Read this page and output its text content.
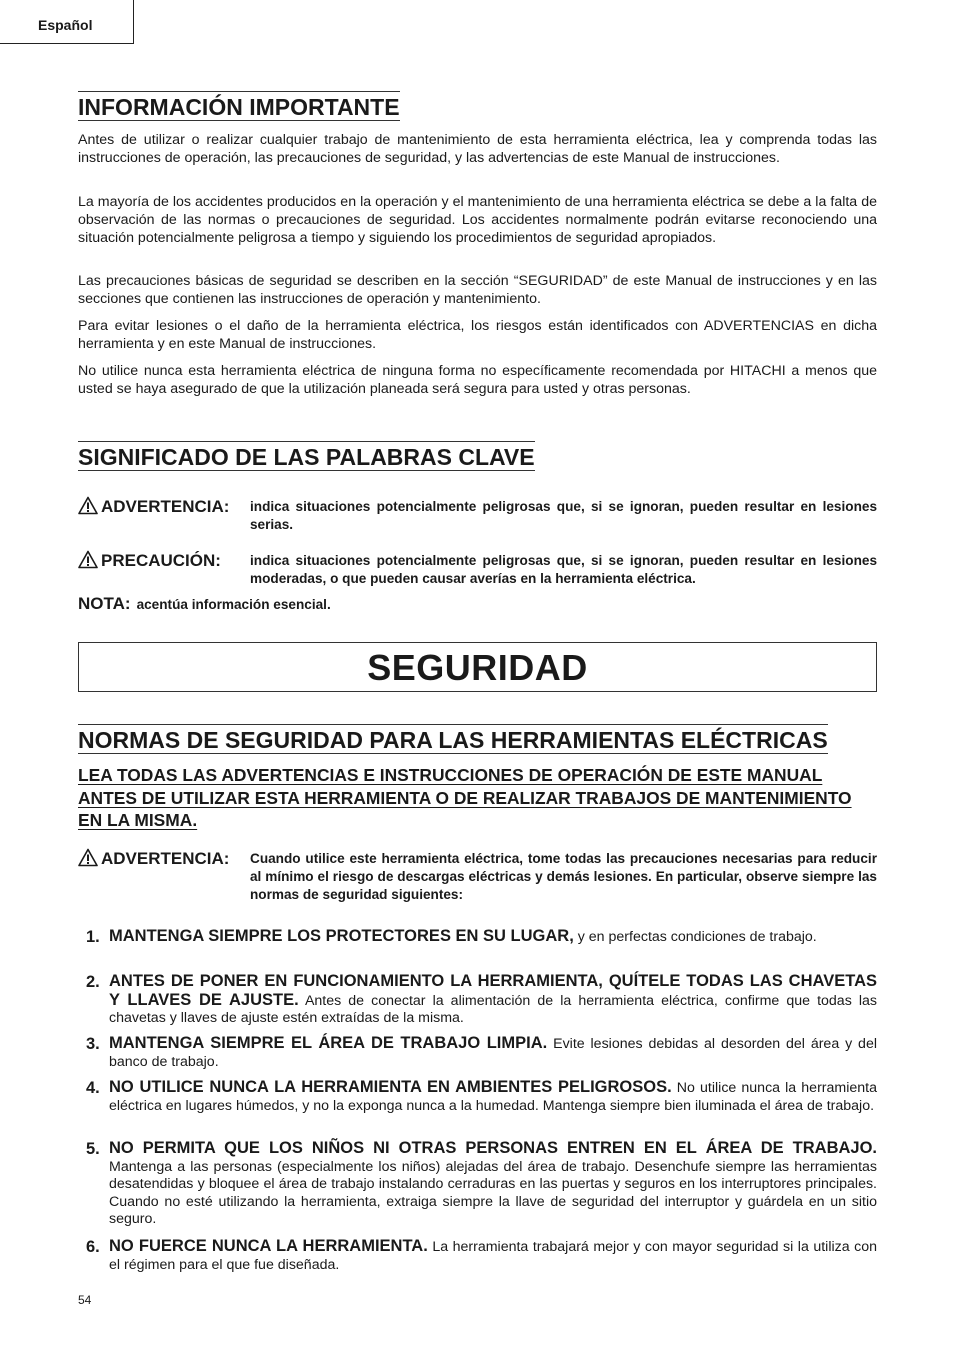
Español
INFORMACIÓN IMPORTANTE
Antes de utilizar o realizar cualquier trabajo de mantenimiento de esta herramienta eléctrica, lea y comprenda todas las instrucciones de operación, las precauciones de seguridad, y las advertencias de este Manual de instrucciones.
La mayoría de los accidentes producidos en la operación y el mantenimiento de una herramienta eléctrica se debe a la falta de observación de las normas o precauciones de seguridad. Los accidentes normalmente podrán evitarse reconociendo una situación potencialmente peligrosa a tiempo y siguiendo los procedimientos de seguridad apropiados.
Las precauciones básicas de seguridad se describen en la sección “SEGURIDAD” de este Manual de instrucciones y en las secciones que contienen las instrucciones de operación y mantenimiento.
Para evitar lesiones o el daño de la herramienta eléctrica, los riesgos están identificados con ADVERTENCIAS en dicha herramienta y en este Manual de instrucciones.
No utilice nunca esta herramienta eléctrica de ninguna forma no específicamente recomendada por HITACHI a menos que usted se haya asegurado de que la utilización planeada será segura para usted y otras personas.
SIGNIFICADO DE LAS PALABRAS CLAVE
ADVERTENCIA: indica situaciones potencialmente peligrosas que, si se ignoran, pueden resultar en lesiones serias.
PRECAUCIÓN: indica situaciones potencialmente peligrosas que, si se ignoran, pueden resultar en lesiones moderadas, o que pueden causar averías en la herramienta eléctrica.
NOTA: acentúa información esencial.
SEGURIDAD
NORMAS DE SEGURIDAD PARA LAS HERRAMIENTAS ELÉCTRICAS
LEA TODAS LAS ADVERTENCIAS E INSTRUCCIONES DE OPERACIÓN DE ESTE MANUAL ANTES DE UTILIZAR ESTA HERRAMIENTA O DE REALIZAR TRABAJOS DE MANTENIMIENTO EN LA MISMA.
ADVERTENCIA: Cuando utilice este herramienta eléctrica, tome todas las precauciones necesarias para reducir al mínimo el riesgo de descargas eléctricas y demás lesiones. En particular, observe siempre las normas de seguridad siguientes:
1. MANTENGA SIEMPRE LOS PROTECTORES EN SU LUGAR, y en perfectas condiciones de trabajo.
2. ANTES DE PONER EN FUNCIONAMIENTO LA HERRAMIENTA, QUÍTELE TODAS LAS CHAVETAS Y LLAVES DE AJUSTE. Antes de conectar la alimentación de la herramienta eléctrica, confirme que todas las chavetas y llaves de ajuste estén extraídas de la misma.
3. MANTENGA SIEMPRE EL ÁREA DE TRABAJO LIMPIA. Evite lesiones debidas al desorden del área y del banco de trabajo.
4. NO UTILICE NUNCA LA HERRAMIENTA EN AMBIENTES PELIGROSOS. No utilice nunca la herramienta eléctrica en lugares húmedos, y no la exponga nunca a la humedad. Mantenga siempre bien iluminada el área de trabajo.
5. NO PERMITA QUE LOS NIÑOS NI OTRAS PERSONAS ENTREN EN EL ÁREA DE TRABAJO. Mantenga a las personas (especialmente los niños) alejadas del área de trabajo. Desenchufe siempre las herramientas desatendidas y bloquee el área de trabajo instalando cerraduras en las puertas y seguros en los interruptores principales. Cuando no esté utilizando la herramienta, extraiga siempre la llave de seguridad del interruptor y guárdela en un sitio seguro.
6. NO FUERCE NUNCA LA HERRAMIENTA. La herramienta trabajará mejor y con mayor seguridad si la utiliza con el régimen para el que fue diseñada.
54
